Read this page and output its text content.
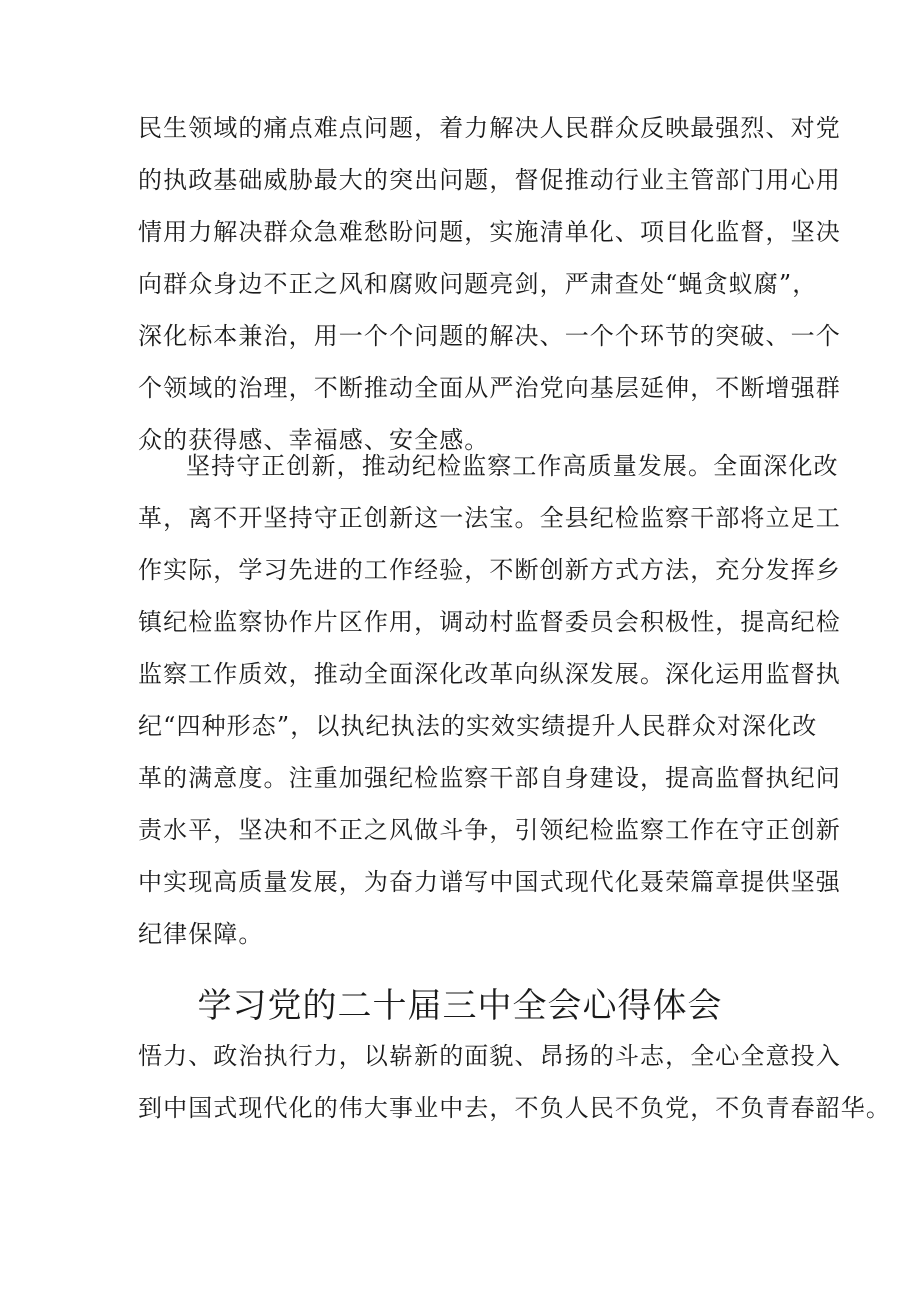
民生领域的痛点难点问题，着力解决人民群众反映最强烈、对党
的执政基础威胁最大的突出问题，督促推动行业主管部门用心用
情用力解决群众急难愁盼问题，实施清单化、项目化监督，坚决
向群众身边不正之风和腐败问题亮剑，严肃查处“蝇贪蚁腐”，
深化标本兼治，用一个个问题的解决、一个个环节的突破、一个
个领域的治理，不断推动全面从严治党向基层延伸，不断增强群
众的获得感、幸福感、安全感。
坚持守正创新，推动纪检监察工作高质量发展。全面深化改
革，离不开坚持守正创新这一法宝。全县纪检监察干部将立足工
作实际，学习先进的工作经验，不断创新方式方法，充分发挥乡
镇纪检监察协作片区作用，调动村监督委员会积极性，提高纪检
监察工作质效，推动全面深化改革向纵深发展。深化运用监督执
纪“四种形态”，以执纪执法的实效实绩提升人民群众对深化改
革的满意度。注重加强纪检监察干部自身建设，提高监督执纪问
责水平，坚决和不正之风做斗争，引领纪检监察工作在守正创新
中实现高质量发展，为奋力谱写中国式现代化聂荣篇章提供坚强
纪律保障。
学习党的二十届三中全会心得体会
悟力、政治执行力，以崭新的面貌、昂扬的斗志，全心全意投入
到中国式现代化的伟大事业中去，不负人民不负党，不负青春韶华。
